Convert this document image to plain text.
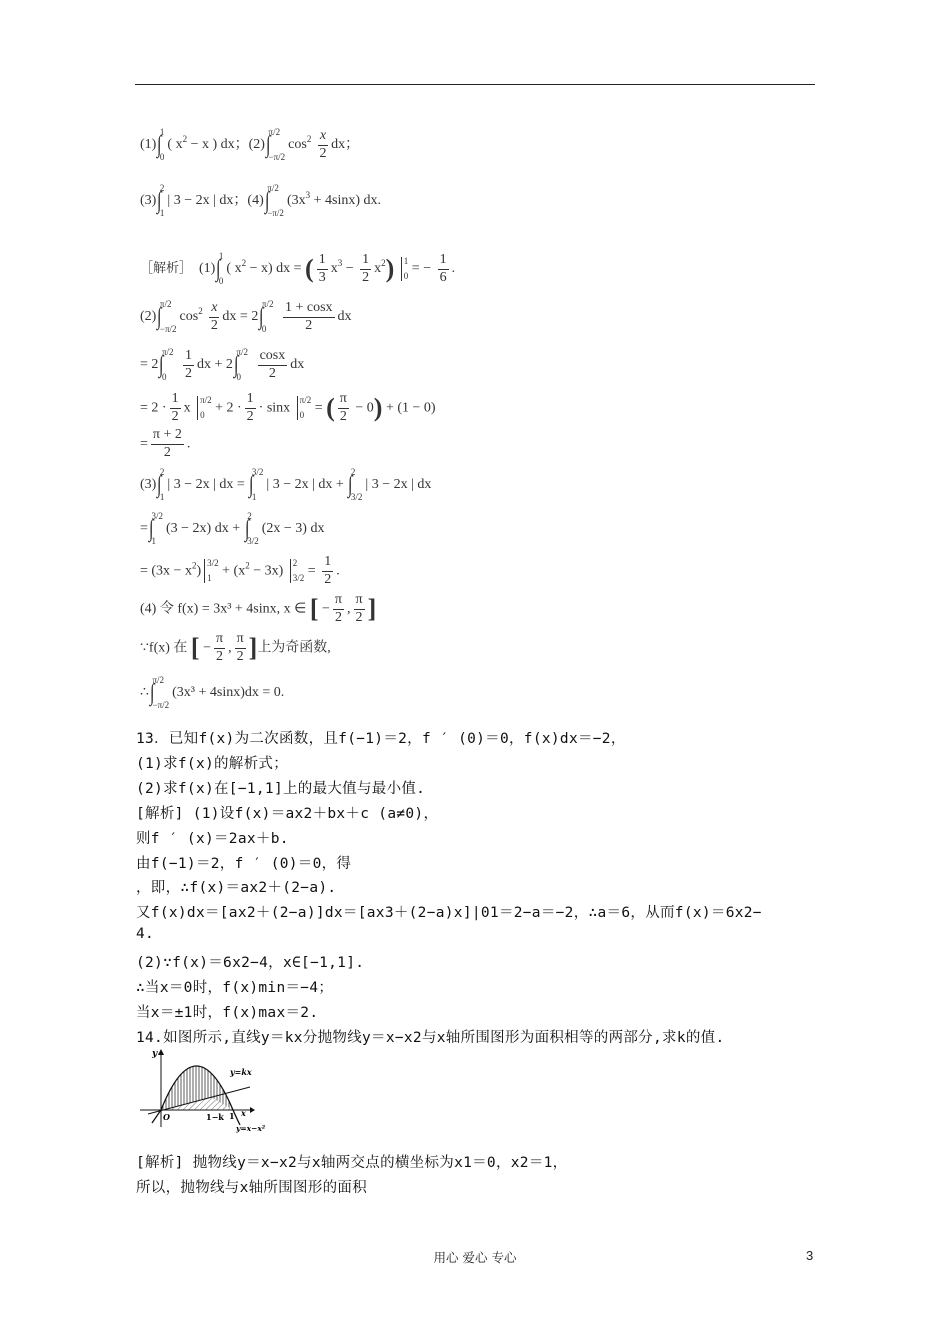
(1)∫
1
0
( $x^2 - x$ ) dx；(2)∫
π/2
−π/2
$\cos^2 \frac{x}{2}$ dx；
(3)∫
2
1
| 3 − 2x | dx；(4)∫
π/2
−π/2
$(3x^3 + 4\sin x)$ dx.
［解析］  (1)∫
1
0
( $x^2 - x$) dx = ( $\frac{1}{3} x^3 - \frac{1}{2} x^2$) 1
0 = − $\frac{1}{6}$ .
(2)∫
π/2
−π/2
$\cos^2 \frac{x}{2}$ dx = 2∫
π/2
0
	$\frac{1 + \cos x}{2}$ dx
= 2∫
π/2
0
	$\frac{1}{2}$ dx + 2∫
π/2
0
	$\frac{\cos x}{2}$ dx
= $2 \cdot \frac{1}{2}$ x
π/2
$0 + 2 \cdot \frac{1}{2} \cdot \sin x$
π/2
0 = ( $\frac{\pi}{2} - 0) + (1 - 0)$
= $\frac{\pi + 2}{2}$ .
(3)∫
2
1
| 3 − 2x | dx = ∫
3/2
1
| 3 − 2x | dx + ∫
2
3/2
| 3 − 2x | dx
=∫
3/2
1
(3 − 2x) dx + ∫
2
3/2
(2x − 3) dx
= $(3x - x^2)$
3/2
$1 + (x^2 - 3x)$
2
$3/2 = \frac{1}{2}$ .
(4) 令 f(x) = 3x³ + 4sinx, x ∈ [ − $\frac{\pi}{2}$ , $\frac{\pi}{2}$ ]
∵f(x) 在 [ − $\frac{\pi}{2}$ , $\frac{\pi}{2}$ ]上为奇函数,
∴∫
π/2
−π/2
(3x³ + 4sinx)dx = 0.
13．已知f(x)为二次函数，且f(−1)＝2，f ′ (0)＝0，f(x)dx＝−2，
(1)求f(x)的解析式；
(2)求f(x)在[−1,1]上的最大值与最小值.
[解析] (1)设f(x)＝ax2＋bx＋c (a≠0)，
则f ′ (x)＝2ax＋b.
由f(−1)＝2，f ′ (0)＝0，得
，即，∴f(x)＝ax2＋(2−a).
又f(x)dx＝[ax2＋(2−a)]dx＝[ax3＋(2−a)x]|01＝2−a＝−2，∴a＝6，从而f(x)＝6x2−
4.
(2)∵f(x)＝6x2−4，x∈[−1,1].
∴当x＝0时，f(x)min＝−4；
当x＝±1时，f(x)max＝2.
14.如图所示,直线y＝kx分抛物线y＝x−x2与x轴所围图形为面积相等的两部分,求k的值.
y
y=kx
O	1−k 1 x
y=x−x²
[解析] 抛物线y＝x−x2与x轴两交点的横坐标为x1＝0，x2＝1，
所以，抛物线与x轴所围图形的面积
用心 爱心 专心	3
